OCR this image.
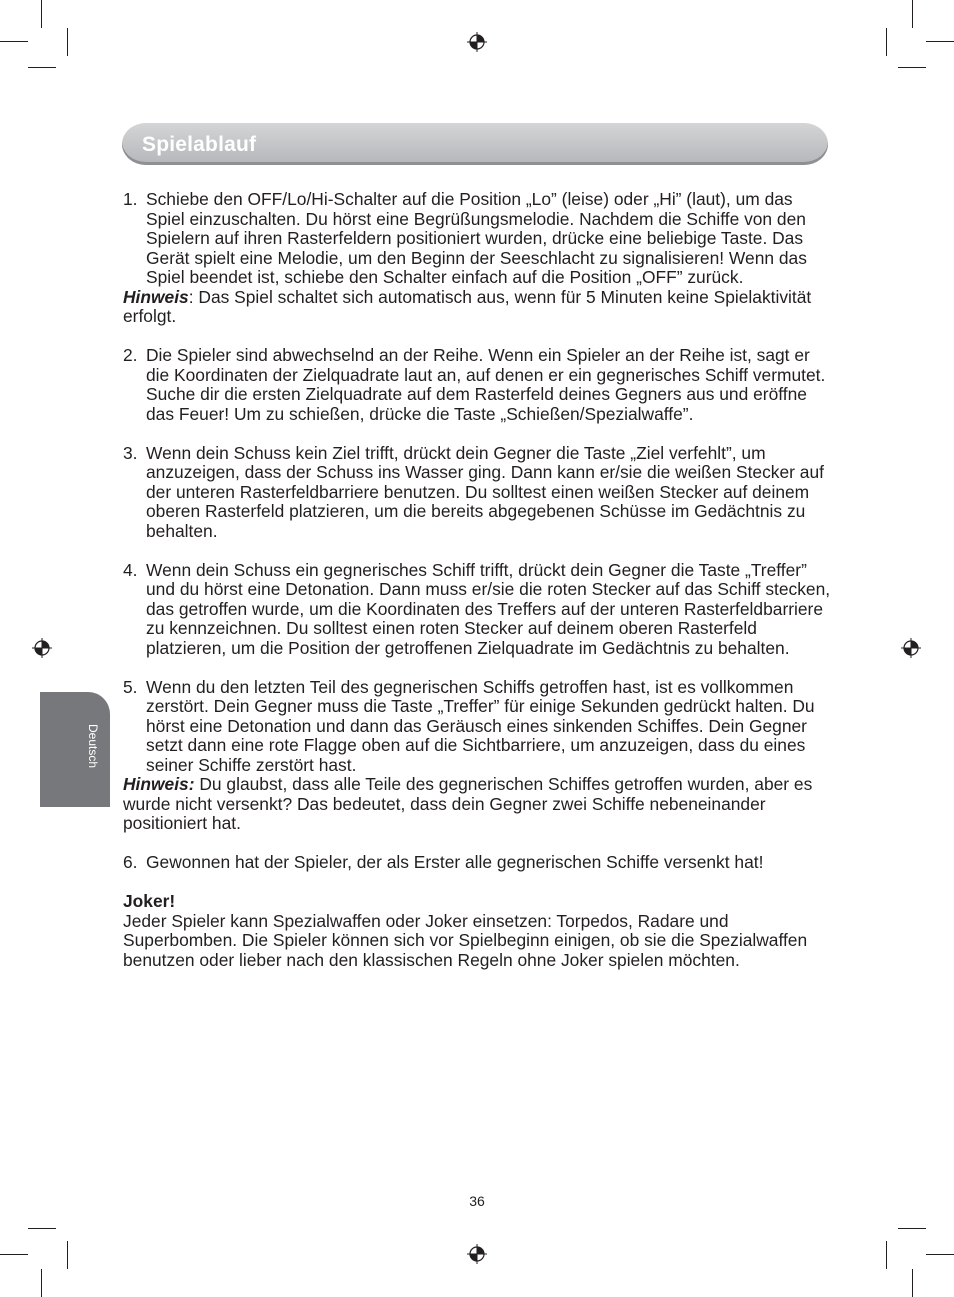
Spielablauf
Deutsch
1. Schiebe den OFF/Lo/Hi-Schalter auf die Position „Lo” (leise) oder „Hi” (laut), um das Spiel einzuschalten. Du hörst eine Begrüßungsmelodie. Nachdem die Schiffe von den Spielern auf ihren Rasterfeldern positioniert wurden, drücke eine beliebige Taste. Das Gerät spielt eine Melodie, um den Beginn der Seeschlacht zu signalisieren! Wenn das Spiel beendet ist, schiebe den Schalter einfach auf die Position „OFF” zurück.
Hinweis: Das Spiel schaltet sich automatisch aus, wenn für 5 Minuten keine Spielaktivität erfolgt.
2. Die Spieler sind abwechselnd an der Reihe. Wenn ein Spieler an der Reihe ist, sagt er die Koordinaten der Zielquadrate laut an, auf denen er ein gegnerisches Schiff vermutet. Suche dir die ersten Zielquadrate auf dem Rasterfeld deines Gegners aus und eröffne das Feuer! Um zu schießen, drücke die Taste „Schießen/Spezialwaffe”.
3. Wenn dein Schuss kein Ziel trifft, drückt dein Gegner die Taste „Ziel verfehlt”, um anzuzeigen, dass der Schuss ins Wasser ging. Dann kann er/sie die weißen Stecker auf der unteren Rasterfeldbarriere benutzen. Du solltest einen weißen Stecker auf deinem oberen Rasterfeld platzieren, um die bereits abgegebenen Schüsse im Gedächtnis zu behalten.
4. Wenn dein Schuss ein gegnerisches Schiff trifft, drückt dein Gegner die Taste „Treffer” und du hörst eine Detonation. Dann muss er/sie die roten Stecker auf das Schiff stecken, das getroffen wurde, um die Koordinaten des Treffers auf der unteren Rasterfeldbarriere zu kennzeichnen. Du solltest einen roten Stecker auf deinem oberen Rasterfeld platzieren, um die Position der getroffenen Zielquadrate im Gedächtnis zu behalten.
5. Wenn du den letzten Teil des gegnerischen Schiffs getroffen hast, ist es vollkommen zerstört. Dein Gegner muss die Taste „Treffer” für einige Sekunden gedrückt halten. Du hörst eine Detonation und dann das Geräusch eines sinkenden Schiffes. Dein Gegner setzt dann eine rote Flagge oben auf die Sichtbarriere, um anzuzeigen, dass du eines seiner Schiffe zerstört hast.
Hinweis: Du glaubst, dass alle Teile des gegnerischen Schiffes getroffen wurden, aber es wurde nicht versenkt? Das bedeutet, dass dein Gegner zwei Schiffe nebeneinander positioniert hat.
6. Gewonnen hat der Spieler, der als Erster alle gegnerischen Schiffe versenkt hat!
Joker!
Jeder Spieler kann Spezialwaffen oder Joker einsetzen: Torpedos, Radare und Superbomben. Die Spieler können sich vor Spielbeginn einigen, ob sie die Spezialwaffen benutzen oder lieber nach den klassischen Regeln ohne Joker spielen möchten.
36
